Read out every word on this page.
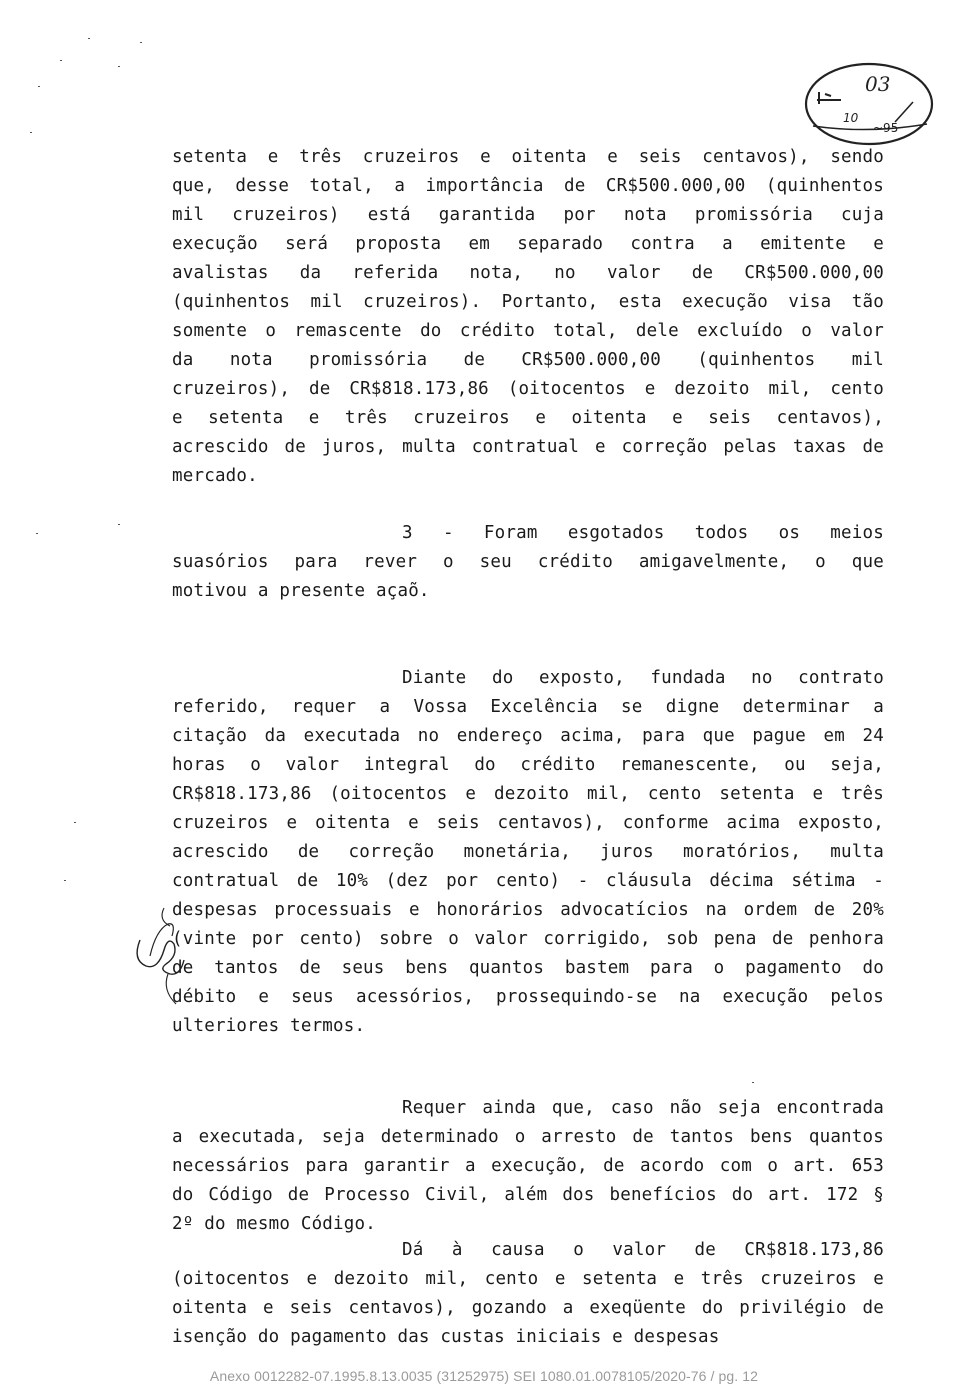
10
~95
03
setenta e três cruzeiros e oitenta e seis centavos), sendo
que, desse total, a importância de CR$500.000,00 (quinhentos
mil cruzeiros) está garantida por nota promissória cuja
execução será proposta em separado contra a emitente e
avalistas da referida nota, no valor de CR$500.000,00
(quinhentos mil cruzeiros). Portanto, esta execução visa tão
somente o remascente do crédito total, dele excluído o valor
da nota promissória de CR$500.000,00 (quinhentos mil
cruzeiros), de CR$818.173,86 (oitocentos e dezoito mil, cento
e setenta e três cruzeiros e oitenta e seis centavos),
acrescido de juros, multa contratual e correção pelas taxas de
mercado.
3 - Foram esgotados todos os meios
suasórios para rever o seu crédito amigavelmente, o que
motivou a presente açaõ.
Diante do exposto, fundada no contrato
referido, requer a Vossa Excelência se digne determinar a
citação da executada no endereço acima, para que pague em 24
horas o valor integral do crédito remanescente, ou seja,
CR$818.173,86 (oitocentos e dezoito mil, cento setenta e três
cruzeiros e oitenta e seis centavos), conforme acima exposto,
acrescido de correção monetária, juros moratórios, multa
contratual de 10% (dez por cento) - cláusula décima sétima -
despesas processuais e honorários advocatícios na ordem de 20%
(vinte por cento) sobre o valor corrigido, sob pena de penhora
de tantos de seus bens quantos bastem para o pagamento do
débito e seus acessórios, prossequindo-se na execução pelos
ulteriores termos.
Requer ainda que, caso não seja encontrada
a executada, seja determinado o arresto de tantos bens quantos
necessários para garantir a execução, de acordo com o art. 653
do Código de Processo Civil, além dos benefícios do art. 172 §
2º do mesmo Código.
Dá à causa o valor de CR$818.173,86
(oitocentos e dezoito mil, cento e setenta e três cruzeiros e
oitenta e seis centavos), gozando a exeqüente do privilégio de
isenção do pagamento das custas iniciais e despesas
Anexo 0012282-07.1995.8.13.0035 (31252975) SEI 1080.01.0078105/2020-76 / pg. 12
